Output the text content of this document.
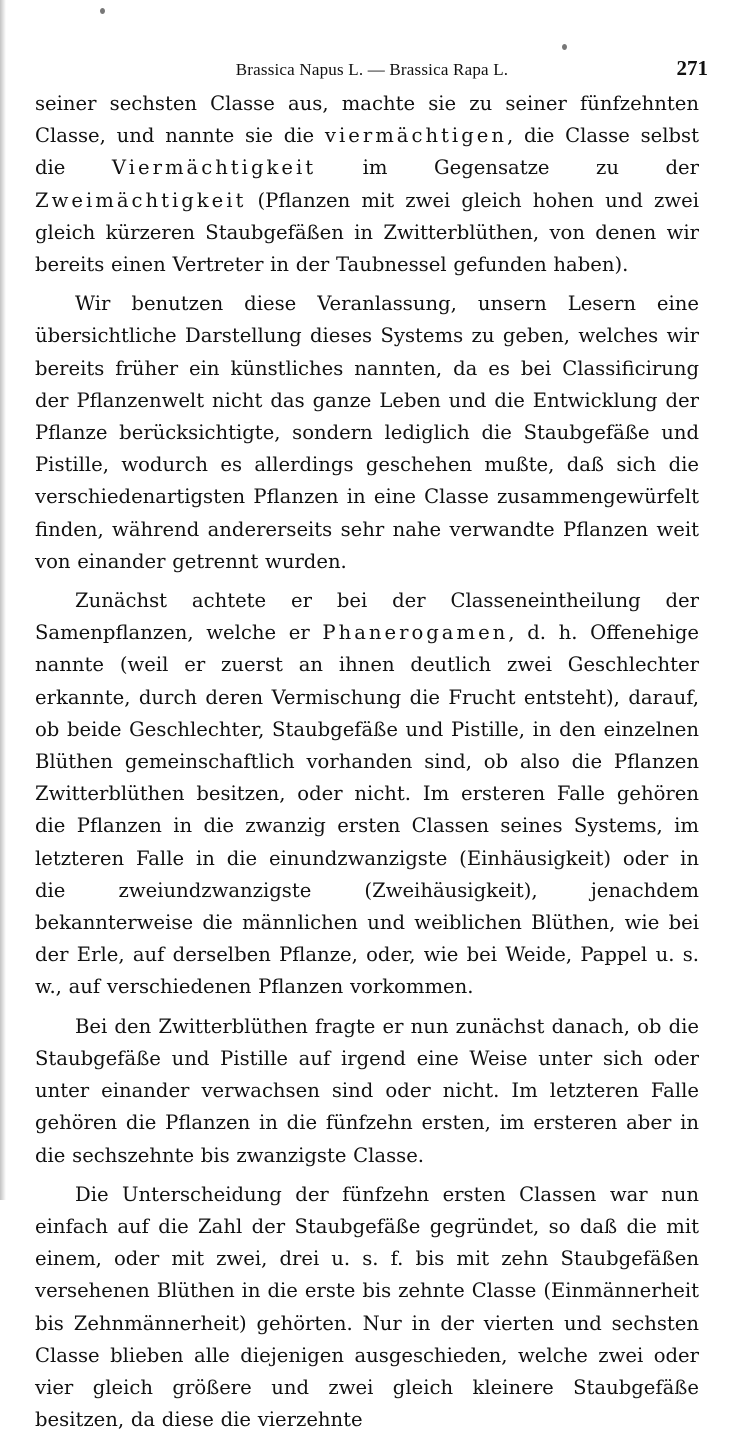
Brassica Napus L. — Brassica Rapa L.	271

seiner sechsten Classe aus, machte sie zu seiner fünfzehnten Classe, und nannte sie die viermächtigen, die Classe selbst die Viermächtigkeit im Gegensatze zu der Zweimächtigkeit (Pflanzen mit zwei gleich hohen und zwei gleich kürzeren Staubgefäßen in Zwitterblüthen, von denen wir bereits einen Vertreter in der Taubnessel gefunden haben).

Wir benutzen diese Veranlassung, unsern Lesern eine übersichtliche Darstellung dieses Systems zu geben, welches wir bereits früher ein künstliches nannten, da es bei Classificirung der Pflanzenwelt nicht das ganze Leben und die Entwicklung der Pflanze berücksichtigte, sondern lediglich die Staubgefäße und Pistille, wodurch es allerdings geschehen mußte, daß sich die verschiedenartigsten Pflanzen in eine Classe zusammengewürfelt finden, während andererseits sehr nahe verwandte Pflanzen weit von einander getrennt wurden.

Zunächst achtete er bei der Classeneintheilung der Samenpflanzen, welche er Phanerogamen, d. h. Offenehige nannte (weil er zuerst an ihnen deutlich zwei Geschlechter erkannte, durch deren Vermischung die Frucht entsteht), darauf, ob beide Geschlechter, Staubgefäße und Pistille, in den einzelnen Blüthen gemeinschaftlich vorhanden sind, ob also die Pflanzen Zwitterblüthen besitzen, oder nicht. Im ersteren Falle gehören die Pflanzen in die zwanzig ersten Classen seines Systems, im letzteren Falle in die einundzwanzigste (Einhäusigkeit) oder in die zweiundzwanzigste (Zweihäusigkeit), jenachdem bekannterweise die männlichen und weiblichen Blüthen, wie bei der Erle, auf derselben Pflanze, oder, wie bei Weide, Pappel u. s. w., auf verschiedenen Pflanzen vorkommen.

Bei den Zwitterblüthen fragte er nun zunächst danach, ob die Staubgefäße und Pistille auf irgend eine Weise unter sich oder unter einander verwachsen sind oder nicht. Im letzteren Falle gehören die Pflanzen in die fünfzehn ersten, im ersteren aber in die sechszehnte bis zwanzigste Classe.

Die Unterscheidung der fünfzehn ersten Classen war nun einfach auf die Zahl der Staubgefäße gegründet, so daß die mit einem, oder mit zwei, drei u. s. f. bis mit zehn Staubgefäßen versehenen Blüthen in die erste bis zehnte Classe (Einmännerheit bis Zehnmännerheit) gehörten. Nur in der vierten und sechsten Classe blieben alle diejenigen ausgeschieden, welche zwei oder vier gleich größere und zwei gleich kleinere Staubgefäße besitzen, da diese die vierzehnte
